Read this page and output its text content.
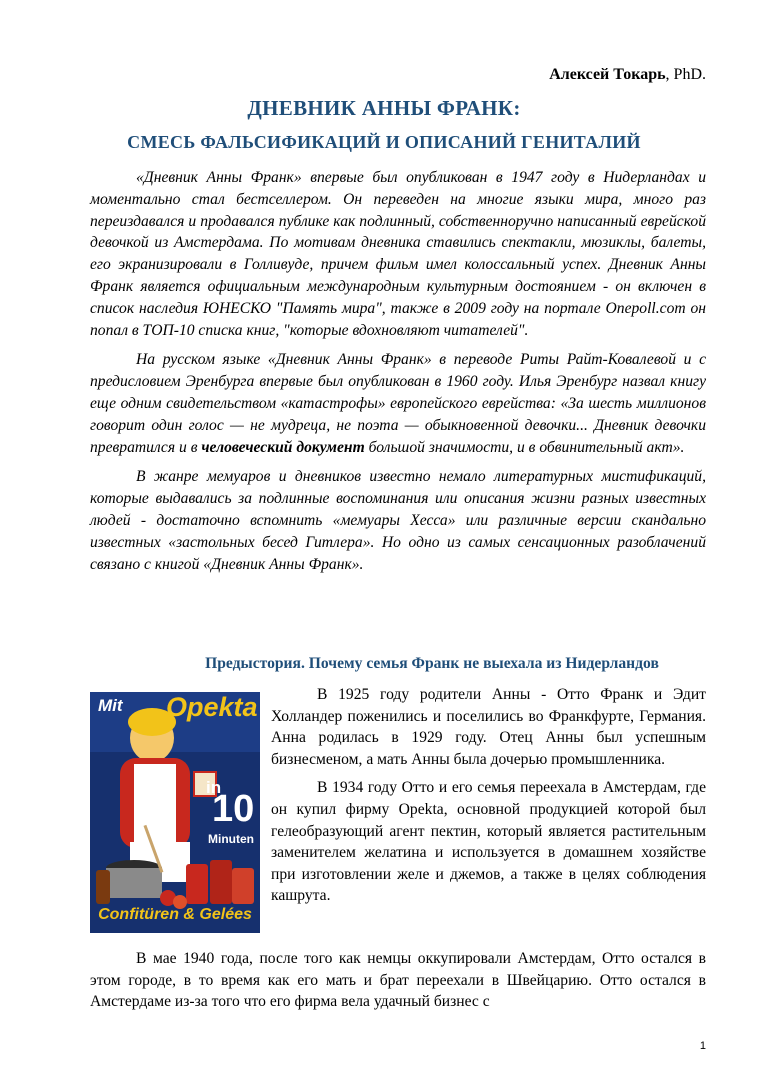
Алексей Токарь, PhD.
ДНЕВНИК АННЫ ФРАНК:
СМЕСЬ ФАЛЬСИФИКАЦИЙ И ОПИСАНИЙ ГЕНИТАЛИЙ

«Дневник Анны Франк» впервые был опубликован в 1947 году в Нидерландах и моментально стал бестселлером. Он переведен на многие языки мира, много раз переиздавался и продавался публике как подлинный, собственноручно написанный еврейской девочкой из Амстердама. По мотивам дневника ставились спектакли, мюзиклы, балеты, его экранизировали в Голливуде, причем фильм имел колоссальный успех. Дневник Анны Франк является официальным международным культурным достоянием - он включен в список наследия ЮНЕСКО "Память мира", также в 2009 году на портале Onepoll.com он попал в ТОП-10 списка книг, "которые вдохновляют читателей".

На русском языке «Дневник Анны Франк» в переводе Риты Райт-Ковалевой и с предисловием Эренбурга впервые был опубликован в 1960 году. Илья Эренбург назвал книгу еще одним свидетельством «катастрофы» европейского еврейства: «За шесть миллионов говорит один голос — не мудреца, не поэта — обыкновенной девочки... Дневник девочки превратился и в человеческий документ большой значимости, и в обвинительный акт».

В жанре мемуаров и дневников известно немало литературных мистификаций, которые выдавались за подлинные воспоминания или описания жизни разных известных людей - достаточно вспомнить «мемуары Хесса» или различные версии скандально известных «застольных бесед Гитлера». Но одно из самых сенсационных разоблачений связано с книгой «Дневник Анны Франк».

Предыстория. Почему семья Франк не выехала из Нидерландов
Mit Opekta
in
10
Minuten
Confitüren & Gelées

В 1925 году родители Анны - Отто Франк и Эдит Холландер поженились и поселились во Франкфурте, Германия. Анна родилась в 1929 году. Отец Анны был успешным бизнесменом, а мать Анны была дочерью промышленника.

В 1934 году Отто и его семья переехала в Амстердам, где он купил фирму Opekta, основной продукцией которой был гелеобразующий агент пектин, который является растительным заменителем желатина и используется в домашнем хозяйстве при изготовлении желе и джемов, а также в целях соблюдения кашрута.

В мае 1940 года, после того как немцы оккупировали Амстердам, Отто остался в этом городе, в то время как его мать и брат переехали в Швейцарию. Отто остался в Амстердаме из-за того что его фирма вела удачный бизнес с

1
